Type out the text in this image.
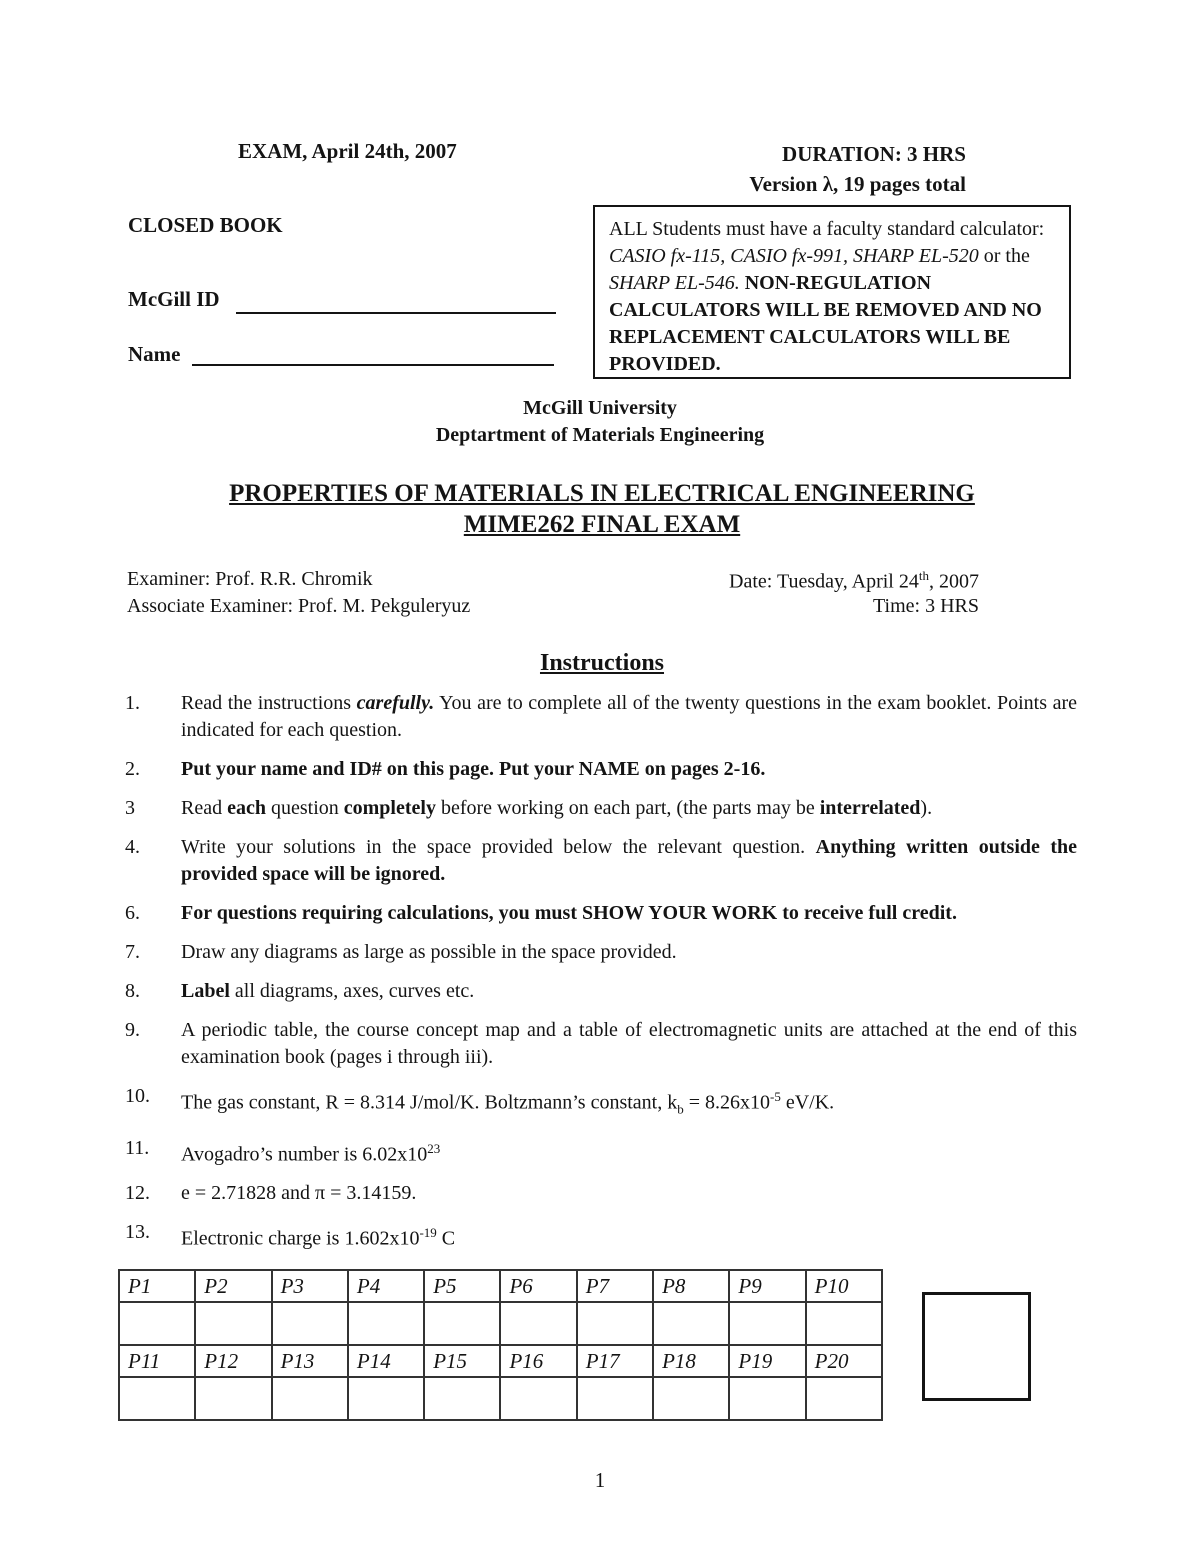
EXAM, April 24th, 2007	DURATION: 3 HRS
Version λ, 19 pages total
CLOSED BOOK
McGill ID
Name
ALL Students must have a faculty standard calculator: CASIO fx-115, CASIO fx-991, SHARP EL-520 or the SHARP EL-546. NON-REGULATION CALCULATORS WILL BE REMOVED AND NO REPLACEMENT CALCULATORS WILL BE PROVIDED.
McGill University
Deptartment of Materials Engineering
PROPERTIES OF MATERIALS IN ELECTRICAL ENGINEERING
MIME262 FINAL EXAM
Examiner: Prof. R.R. Chromik
Associate Examiner: Prof. M. Pekguleryuz
Date: Tuesday, April 24th, 2007
Time: 3 HRS
Instructions
1. Read the instructions carefully. You are to complete all of the twenty questions in the exam booklet. Points are indicated for each question.
2. Put your name and ID# on this page. Put your NAME on pages 2-16.
3 Read each question completely before working on each part, (the parts may be interrelated).
4. Write your solutions in the space provided below the relevant question. Anything written outside the provided space will be ignored.
6. For questions requiring calculations, you must SHOW YOUR WORK to receive full credit.
7. Draw any diagrams as large as possible in the space provided.
8. Label all diagrams, axes, curves etc.
9. A periodic table, the course concept map and a table of electromagnetic units are attached at the end of this examination book (pages i through iii).
10. The gas constant, R = 8.314 J/mol/K. Boltzmann’s constant, $k_b = 8.26x10^{-5}$ eV/K.
11. Avogadro’s number is $6.02x10^{23}$
12. e = 2.71828 and π = 3.14159.
13. Electronic charge is $1.602x10^{-19}$ C
P1	P2	P3	P4	P5	P6	P7	P8	P9	P10

P11	P12	P13	P14	P15	P16	P17	P18	P19	P20

1
